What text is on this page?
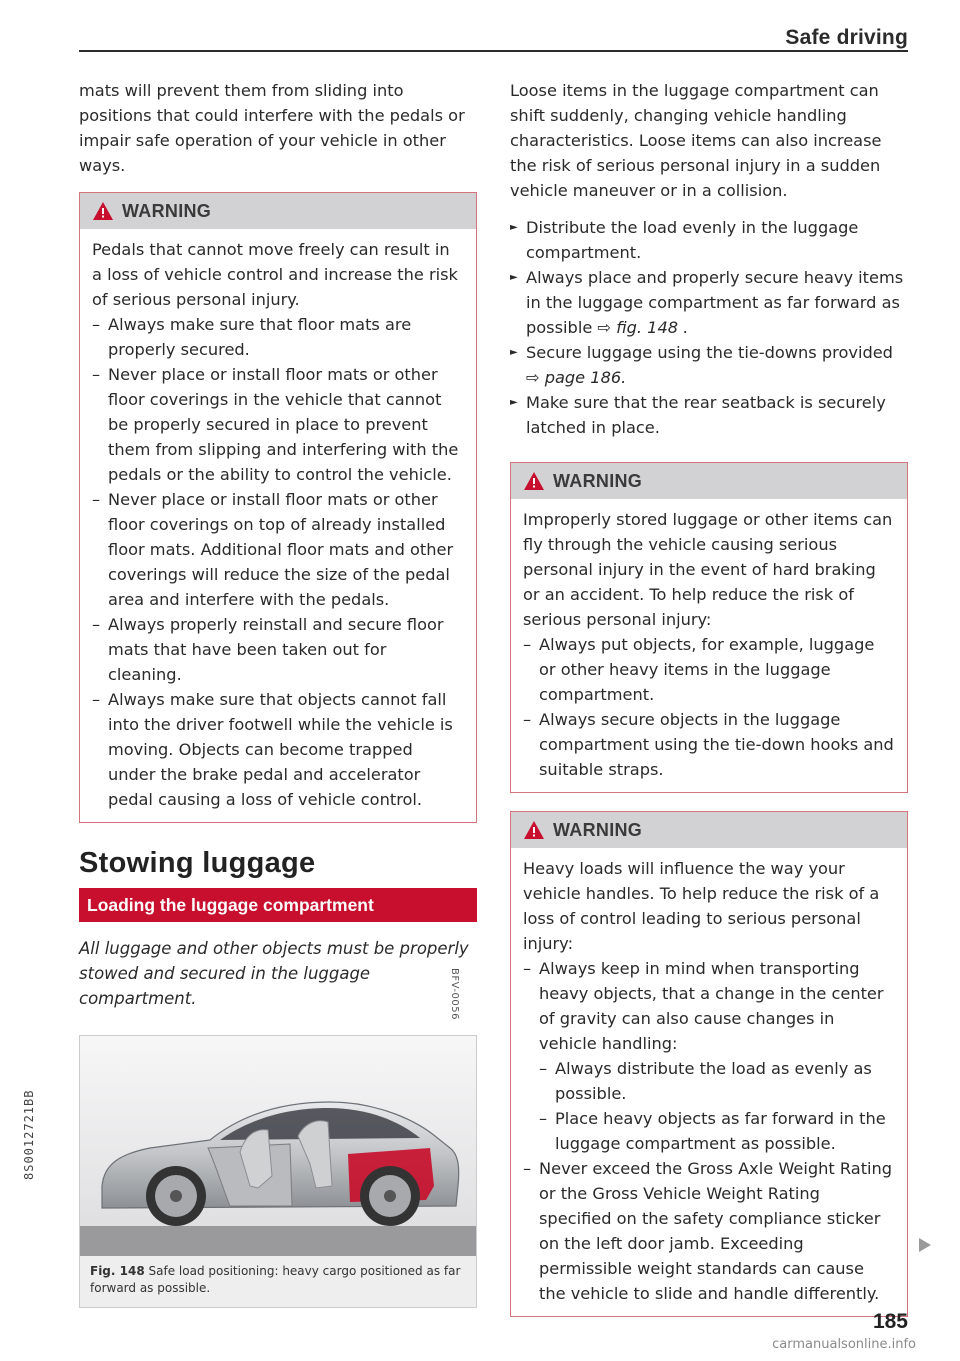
Safe driving

mats will prevent them from sliding into positions that could interfere with the pedals or impair safe operation of your vehicle in other ways.

WARNING

Pedals that cannot move freely can result in a loss of vehicle control and increase the risk of serious personal injury.

– Always make sure that floor mats are properly secured.
– Never place or install floor mats or other floor coverings in the vehicle that cannot be properly secured in place to prevent them from slipping and interfering with the pedals or the ability to control the vehicle.
– Never place or install floor mats or other floor coverings on top of already installed floor mats. Additional floor mats and other coverings will reduce the size of the pedal area and interfere with the pedals.
– Always properly reinstall and secure floor mats that have been taken out for cleaning.
– Always make sure that objects cannot fall into the driver footwell while the vehicle is moving. Objects can become trapped under the brake pedal and accelerator pedal causing a loss of vehicle control.
Stowing luggage
Loading the luggage compartment

All luggage and other objects must be properly stowed and secured in the luggage compartment.

Fig. 148 Safe load positioning: heavy cargo positioned as far forward as possible.
BFV-0056

Loose items in the luggage compartment can shift suddenly, changing vehicle handling characteristics. Loose items can also increase the risk of serious personal injury in a sudden vehicle maneuver or in a collision.

► Distribute the load evenly in the luggage compartment.
► Always place and properly secure heavy items in the luggage compartment as far forward as possible ⇨ fig. 148 .
► Secure luggage using the tie-downs provided ⇨ page 186.
► Make sure that the rear seatback is securely latched in place.
WARNING

Improperly stored luggage or other items can fly through the vehicle causing serious personal injury in the event of hard braking or an accident. To help reduce the risk of serious personal injury:

– Always put objects, for example, luggage or other heavy items in the luggage compartment.
– Always secure objects in the luggage compartment using the tie-down hooks and suitable straps.
WARNING

Heavy loads will influence the way your vehicle handles. To help reduce the risk of a loss of control leading to serious personal injury:

– Always keep in mind when transporting heavy objects, that a change in the center of gravity can also cause changes in vehicle handling:
– Always distribute the load as evenly as possible.
– Place heavy objects as far forward in the luggage compartment as possible.
– Never exceed the Gross Axle Weight Rating or the Gross Vehicle Weight Rating specified on the safety compliance sticker on the left door jamb. Exceeding permissible weight standards can cause the vehicle to slide and handle differently.
185
8S0012721BB
carmanualsonline.info
